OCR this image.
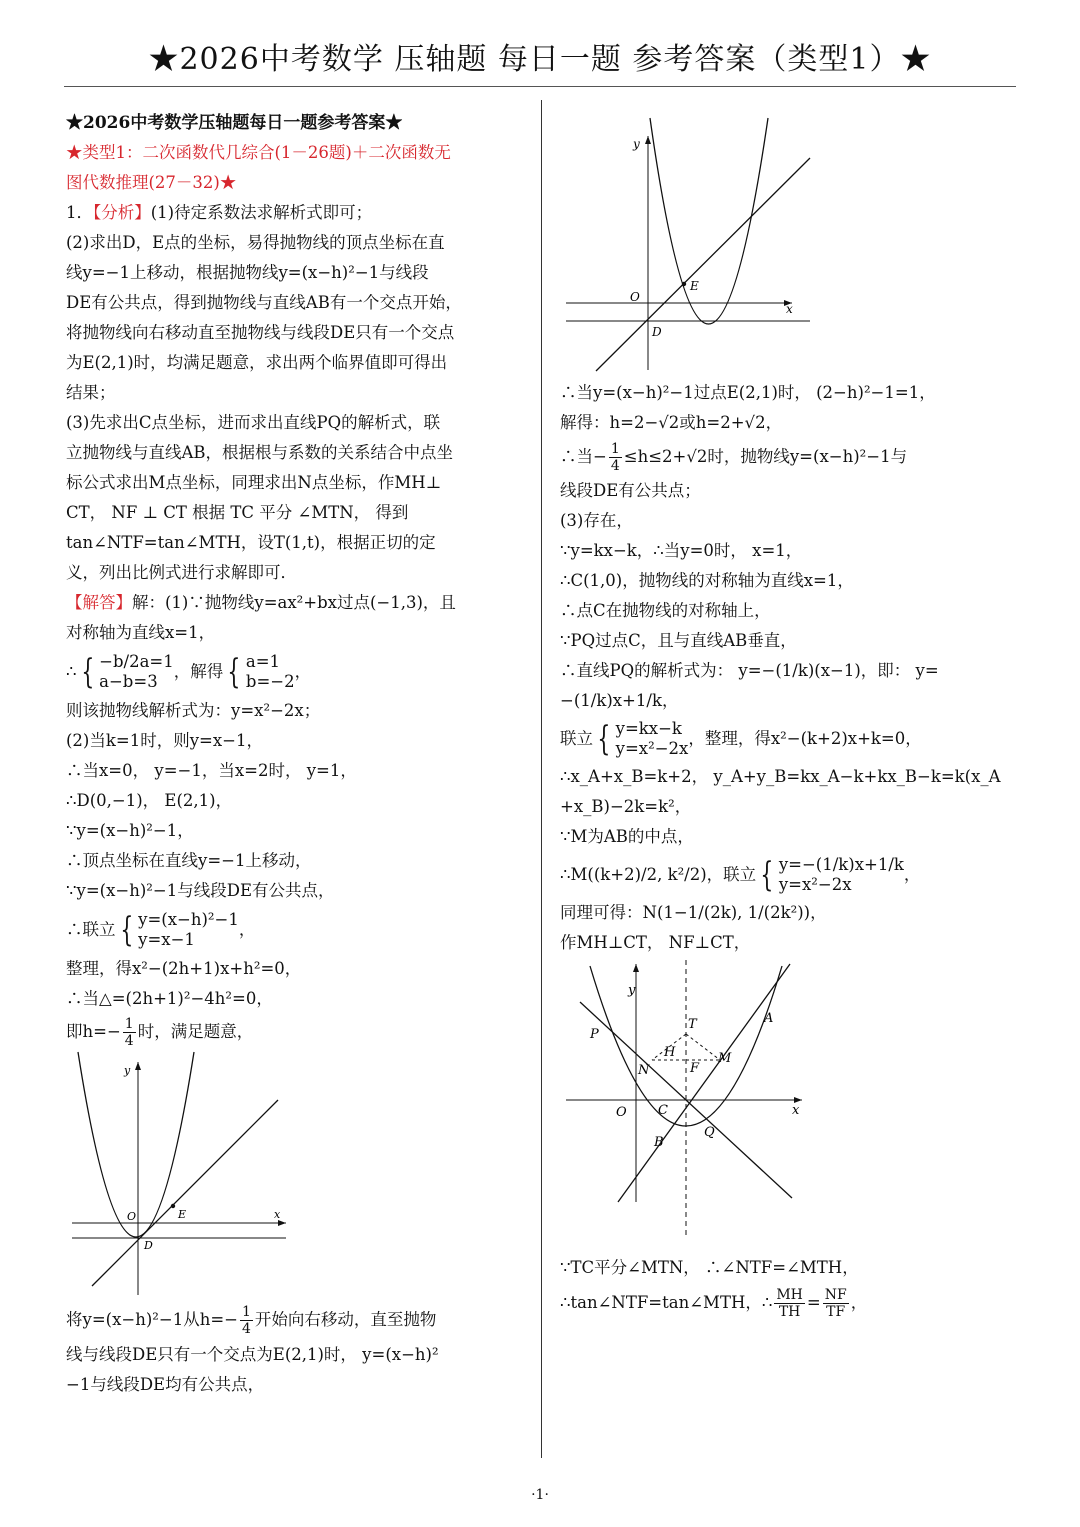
★2026中考数学 压轴题 每日一题 参考答案（类型1）★
★2026中考数学压轴题每日一题参考答案★
★类型1：二次函数代几综合(1－26题)＋二次函数无
图代数推理(27－32)★
1．【分析】(1)待定系数法求解析式即可；
(2)求出D，E点的坐标，易得抛物线的顶点坐标在直
线y=−1上移动，根据抛物线y=(x−h)²−1与线段
DE有公共点，得到抛物线与直线AB有一个交点开始，
将抛物线向右移动直至抛物线与线段DE只有一个交点
为E(2,1)时，均满足题意，求出两个临界值即可得出
结果；
(3)先求出C点坐标，进而求出直线PQ的解析式，联
立抛物线与直线AB，根据根与系数的关系结合中点坐
标公式求出M点坐标，同理求出N点坐标，作MH⊥
CT， NF ⊥ CT 根据 TC 平分 ∠MTN， 得到
tan∠NTF=tan∠MTH，设T(1,t)，根据正切的定
义，列出比例式进行求解即可．
【解答】解：(1)∵抛物线y=ax²+bx过点(−1,3)，且
对称轴为直线x=1，
∴ { −b/2a=1
a−b=3
，解得 { a=1
b=−2
，
则该抛物线解析式为：y=x²−2x；
(2)当k=1时，则y=x−1，
∴当x=0， y=−1，当x=2时， y=1，
∴D(0,−1)， E(2,1)，
∵y=(x−h)²−1，
∴顶点坐标在直线y=−1上移动，
∵y=(x−h)²−1与线段DE有公共点，
∴联立 { y=(x−h)²−1
y=x−1
，
整理，得x²−(2h+1)x+h²=0，
∴当△=(2h+1)²−4h²=0，
即$h=- \frac{1}{4}$ 时，满足题意，
E
O
D
y
x
将y=(x−h)²−1从$h=- \frac{1}{4}$ 开始向右移动，直至抛物
线与线段DE只有一个交点为E(2,1)时， y=(x−h)²
−1与线段DE均有公共点，
E
O
D
y
x
∴当y=(x−h)²−1过点E(2,1)时， (2−h)²−1=1，
解得：h=2−√2或h=2+√2，
∴当− $\frac{1}{4} \le h\le 2+√2$时，抛物线y=(x−h)²−1与
线段DE有公共点；
(3)存在，
∵y=kx−k，∴当y=0时， x=1，
∴C(1,0)，抛物线的对称轴为直线x=1，
∴点C在抛物线的对称轴上，
∵PQ过点C，且与直线AB垂直，
∴直线PQ的解析式为： y=−(1/k)(x−1)，即： y=
−(1/k)x+1/k，
联立 { y=kx−k
y=x²−2x
，整理，得x²−(k+2)x+k=0，
∴x_A+x_B=k+2， y_A+y_B=kx_A−k+kx_B−k=k(x_A
+x_B)−2k=k²，
∵M为AB的中点，
∴M((k+2)/2, k²/2)，联立 { y=−(1/k)x+1/k
y=x²−2x
，
同理可得：N(1−1/(2k), 1/(2k²))，
作MH⊥CT， NF⊥CT，
y
x
O C
P
A
T
H	M
N	F
B
Q
∵TC平分∠MTN， ∴∠NTF=∠MTH，
∴tan∠NTF=tan∠MTH，∴ $\frac{MH}{TH} = \frac{NF}{TF}$ ，
·1·
